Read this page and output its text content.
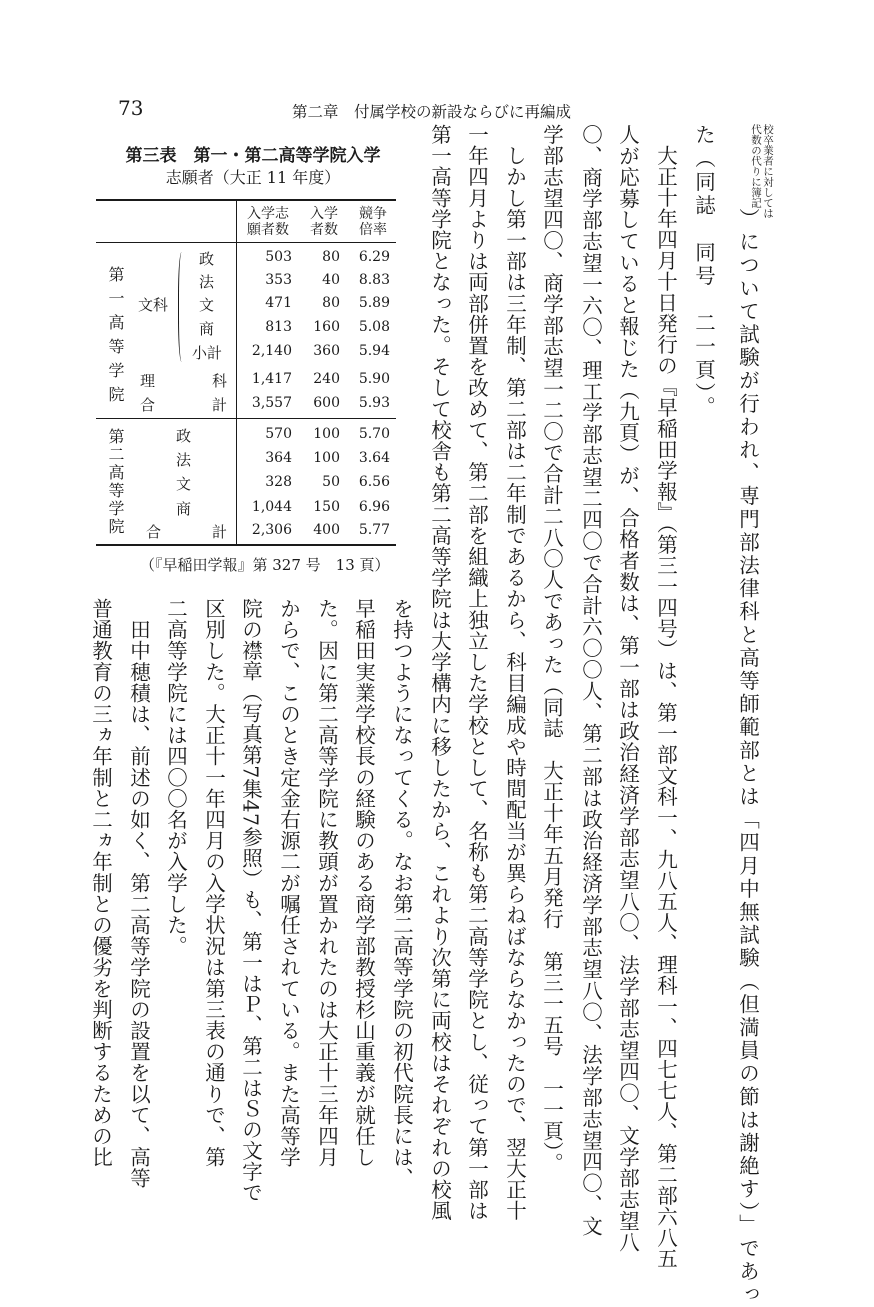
73	第二章　付属学校の新設ならびに再編成
校卒業者に対しては
代数の代りに簿記
）について試験が行われ、専門部法律科と高等師範部とは「四月中無試験（但満員の節は謝絶す）」であっ
た（同誌　同号　二一頁）。
　大正十年四月十日発行の『早稲田学報』（第三一四号）は、第一部文科一、九八五人、理科一、四七七人、第二部六八五
人が応募していると報じた（九頁）が、合格者数は、第一部は政治経済学部志望八〇、法学部志望四〇、文学部志望八
〇、商学部志望一六〇、理工学部志望二四〇で合計六〇〇人、第二部は政治経済学部志望八〇、法学部志望四〇、文
学部志望四〇、商学部志望一二〇で合計二八〇人であった（同誌　大正十年五月発行　第三一五号　一一頁）。
　しかし第一部は三年制、第二部は二年制であるから、科目編成や時間配当が異らねばならなかったので、翌大正十
一年四月よりは両部併置を改めて、第二部を組織上独立した学校として、名称も第二高等学院とし、従って第一部は
第一高等学院となった。そして校舎も第二高等学院は大学構内に移したから、これより次第に両校はそれぞれの校風
を持つようになってくる。なお第二高等学院の初代院長には、
早稲田実業学校長の経験のある商学部教授杉山重義が就任し
た。因に第二高等学院に教頭が置かれたのは大正十三年四月
からで、このとき定金右源二が嘱任されている。また高等学
院の襟章（写真第7集47参照）も、第一はＰ、第二はＳの文字で
区別した。大正十一年四月の入学状況は第三表の通りで、第
二高等学院には四〇〇名が入学した。
　田中穂積は、前述の如く、第二高等学院の設置を以て、高等
普通教育の三ヵ年制と二ヵ年制との優劣を判断するための比
第三表　第一・第二高等学院入学
志願者（大正 11 年度）
入学志
願者数
入学
者数
競争
倍率
第一高等学院
第二高等学院
文科
政	503	80	6.29
法	353	40	8.83
文	471	80	5.89
商	813	160	5.08
小計	2,140	360	5.94
理	科	1,417	240	5.90
合	計	3,557	600	5.93
政	570	100	5.70
法	364	100	3.64
文	328	50	6.56
商	1,044	150	6.96
合	計	2,306	400	5.77
（『早稲田学報』第 327 号　13 頁）
